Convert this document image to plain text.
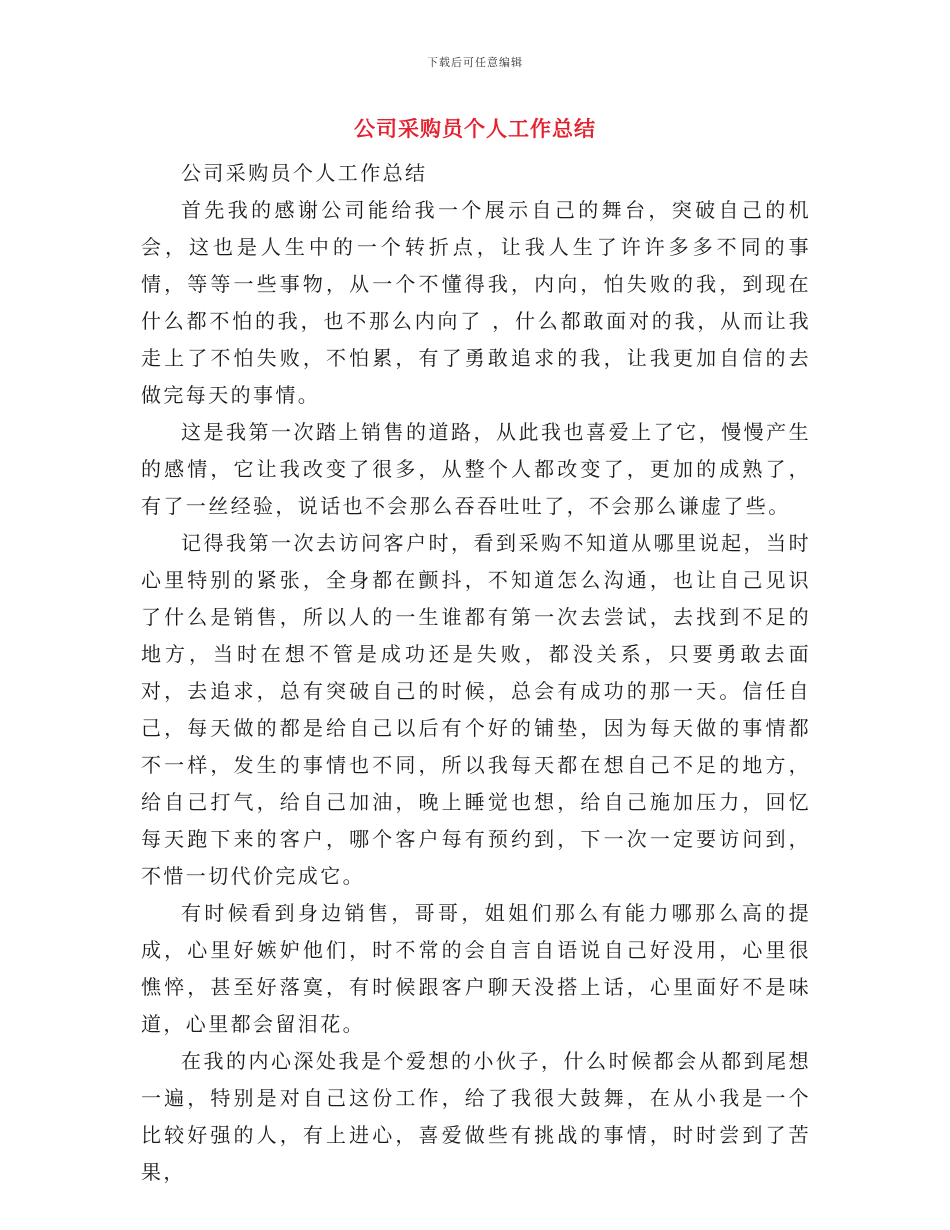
下载后可任意编辑
公司采购员个人工作总结

公司采购员个人工作总结

首先我的感谢公司能给我一个展示自己的舞台，突破自己的机会，这也是人生中的一个转折点，让我人生了许许多多不同的事情，等等一些事物，从一个不懂得我，内向，怕失败的我，到现在什么都不怕的我，也不那么内向了 ，什么都敢面对的我，从而让我走上了不怕失败，不怕累，有了勇敢追求的我，让我更加自信的去做完每天的事情。

这是我第一次踏上销售的道路，从此我也喜爱上了它，慢慢产生的感情，它让我改变了很多，从整个人都改变了，更加的成熟了，有了一丝经验，说话也不会那么吞吞吐吐了，不会那么谦虚了些。

记得我第一次去访问客户时，看到采购不知道从哪里说起，当时心里特别的紧张，全身都在颤抖，不知道怎么沟通，也让自己见识了什么是销售，所以人的一生谁都有第一次去尝试，去找到不足的地方，当时在想不管是成功还是失败，都没关系，只要勇敢去面对，去追求，总有突破自己的时候，总会有成功的那一天。信任自己，每天做的都是给自己以后有个好的铺垫，因为每天做的事情都不一样，发生的事情也不同，所以我每天都在想自己不足的地方，给自己打气，给自己加油，晚上睡觉也想，给自己施加压力，回忆每天跑下来的客户，哪个客户每有预约到，下一次一定要访问到，不惜一切代价完成它。

有时候看到身边销售，哥哥，姐姐们那么有能力哪那么高的提成，心里好嫉妒他们，时不常的会自言自语说自己好没用，心里很憔悴，甚至好落寞，有时候跟客户聊天没搭上话，心里面好不是味道，心里都会留泪花。

在我的内心深处我是个爱想的小伙子，什么时候都会从都到尾想一遍，特别是对自己这份工作，给了我很大鼓舞，在从小我是一个比较好强的人，有上进心，喜爱做些有挑战的事情，时时尝到了苦果，
